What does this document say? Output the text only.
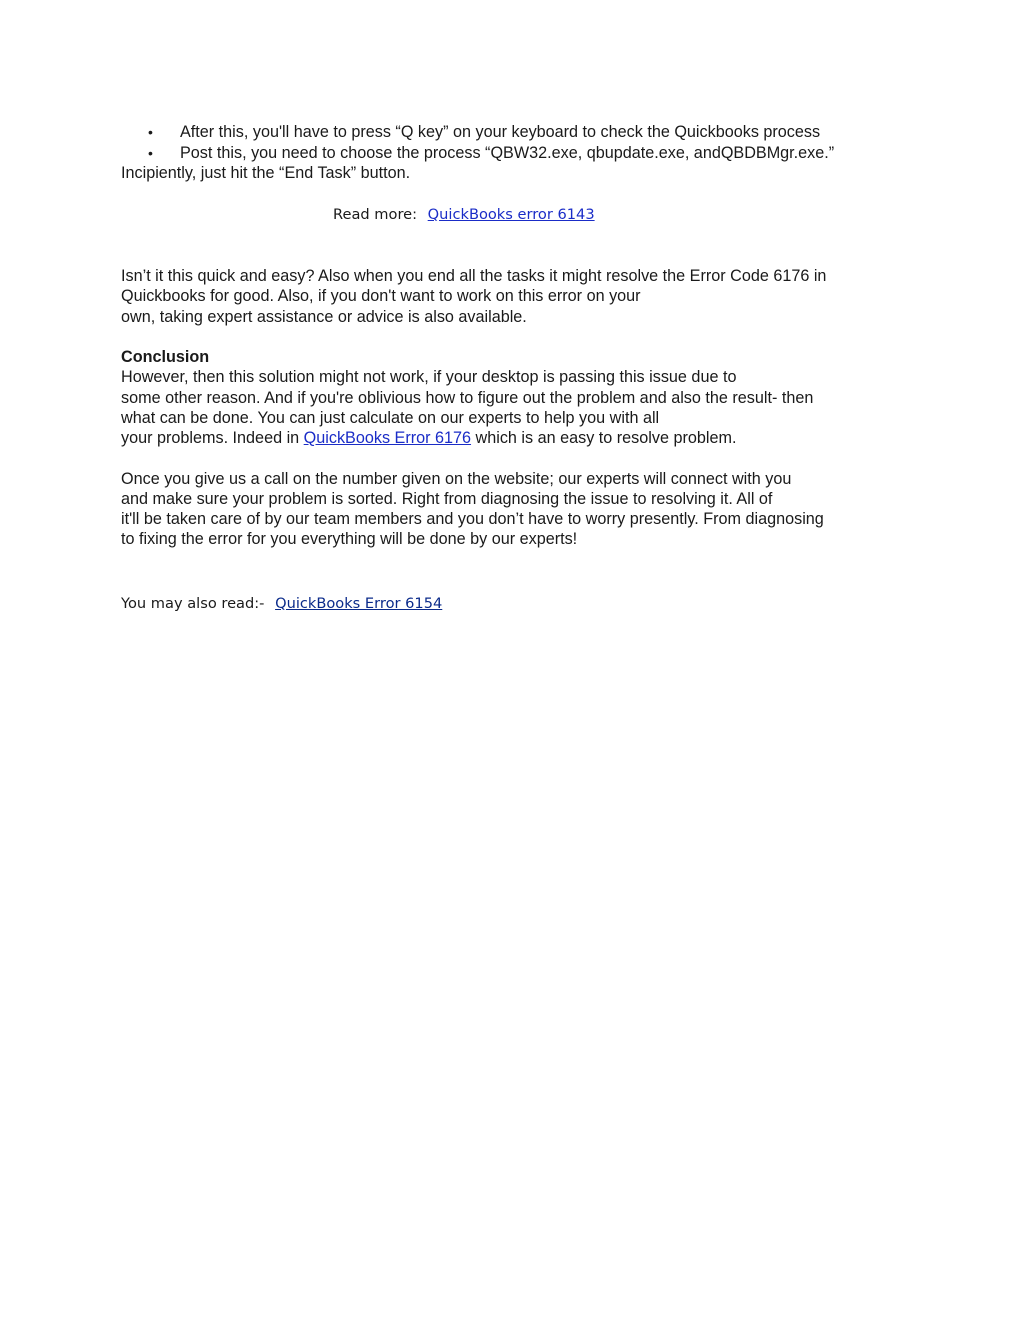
• After this, you'll have to press “Q key” on your keyboard to check the Quickbooks process
• Post this, you need to choose the process “QBW32.exe, qbupdate.exe, andQBDBMgr.exe.”

Incipiently, just hit the “End Task” button.

Read more: QuickBooks error 6143

Isn’t it this quick and easy? Also when you end all the tasks it might resolve the Error Code 6176 in

Quickbooks for good. Also, if you don't want to work on this error on your

own, taking expert assistance or advice is also available.

Conclusion

However, then this solution might not work, if your desktop is passing this issue due to

some other reason. And if you're oblivious how to figure out the problem and also the result- then

what can be done. You can just calculate on our experts to help you with all

your problems. Indeed in QuickBooks Error 6176 which is an easy to resolve problem.

Once you give us a call on the number given on the website; our experts will connect with you

and make sure your problem is sorted. Right from diagnosing the issue to resolving it. All of

it'll be taken care of by our team members and you don’t have to worry presently. From diagnosing

to fixing the error for you everything will be done by our experts!

You may also read:- QuickBooks Error 6154
